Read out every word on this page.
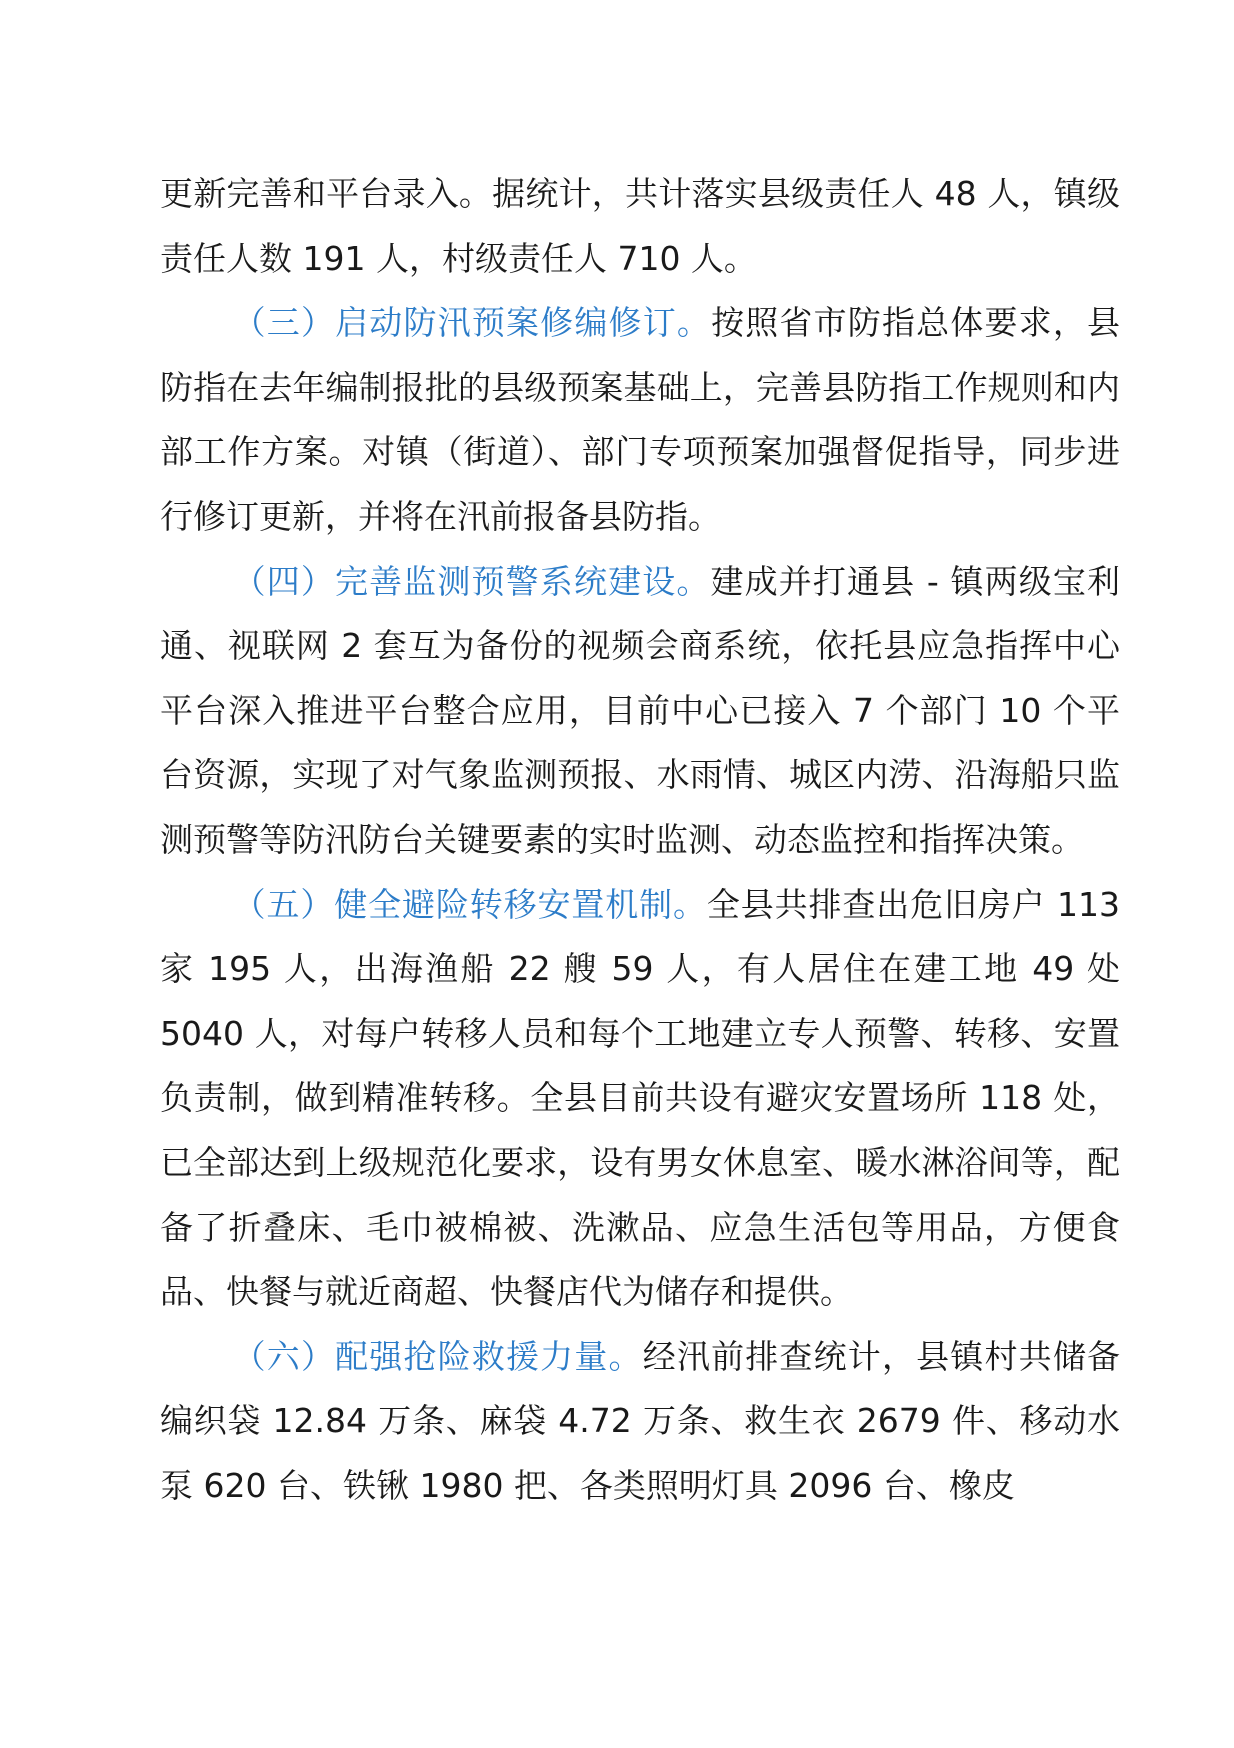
更新完善和平台录入。据统计，共计落实县级责任人 48 人，镇级责任人数 191 人，村级责任人 710 人。

（三）启动防汛预案修编修订。按照省市防指总体要求，县防指在去年编制报批的县级预案基础上，完善县防指工作规则和内部工作方案。对镇（街道）、部门专项预案加强督促指导，同步进行修订更新，并将在汛前报备县防指。

（四）完善监测预警系统建设。建成并打通县 - 镇两级宝利通、视联网 2 套互为备份的视频会商系统，依托县应急指挥中心平台深入推进平台整合应用，目前中心已接入 7 个部门 10 个平台资源，实现了对气象监测预报、水雨情、城区内涝、沿海船只监测预警等防汛防台关键要素的实时监测、动态监控和指挥决策。

（五）健全避险转移安置机制。全县共排查出危旧房户 113 家 195 人，出海渔船 22 艘 59 人，有人居住在建工地 49 处 5040 人，对每户转移人员和每个工地建立专人预警、转移、安置负责制，做到精准转移。全县目前共设有避灾安置场所 118 处，已全部达到上级规范化要求，设有男女休息室、暖水淋浴间等，配备了折叠床、毛巾被棉被、洗漱品、应急生活包等用品，方便食品、快餐与就近商超、快餐店代为储存和提供。

（六）配强抢险救援力量。经汛前排查统计，县镇村共储备编织袋 12.84 万条、麻袋 4.72 万条、救生衣 2679 件、移动水泵 620 台、铁锹 1980 把、各类照明灯具 2096 台、橡皮
